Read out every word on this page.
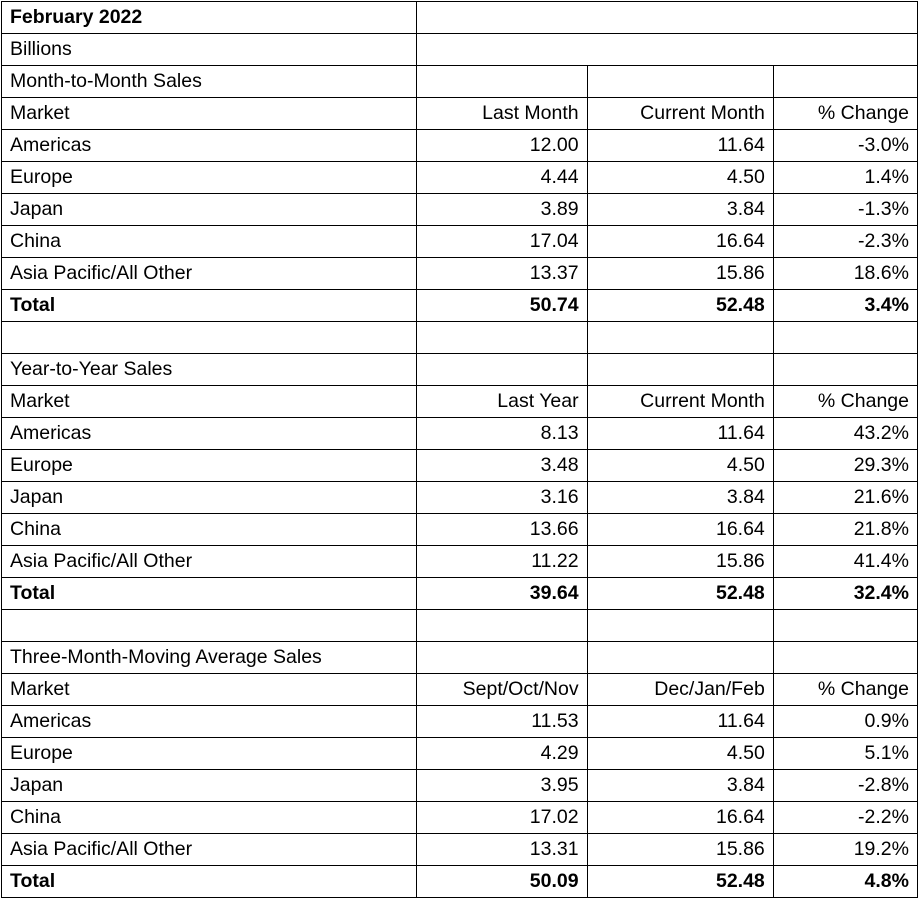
February 2022			
Billions			
Month-to-Month Sales			
Market	Last Month	Current Month	% Change
Americas	12.00	11.64	-3.0%
Europe	4.44	4.50	1.4%
Japan	3.89	3.84	-1.3%
China	17.04	16.64	-2.3%
Asia Pacific/All Other	13.37	15.86	18.6%
Total	50.74	52.48	3.4%

Year-to-Year Sales			
Market	Last Year	Current Month	% Change
Americas	8.13	11.64	43.2%
Europe	3.48	4.50	29.3%
Japan	3.16	3.84	21.6%
China	13.66	16.64	21.8%
Asia Pacific/All Other	11.22	15.86	41.4%
Total	39.64	52.48	32.4%

Three-Month-Moving Average Sales			
Market	Sept/Oct/Nov	Dec/Jan/Feb	% Change
Americas	11.53	11.64	0.9%
Europe	4.29	4.50	5.1%
Japan	3.95	3.84	-2.8%
China	17.02	16.64	-2.2%
Asia Pacific/All Other	13.31	15.86	19.2%
Total	50.09	52.48	4.8%
